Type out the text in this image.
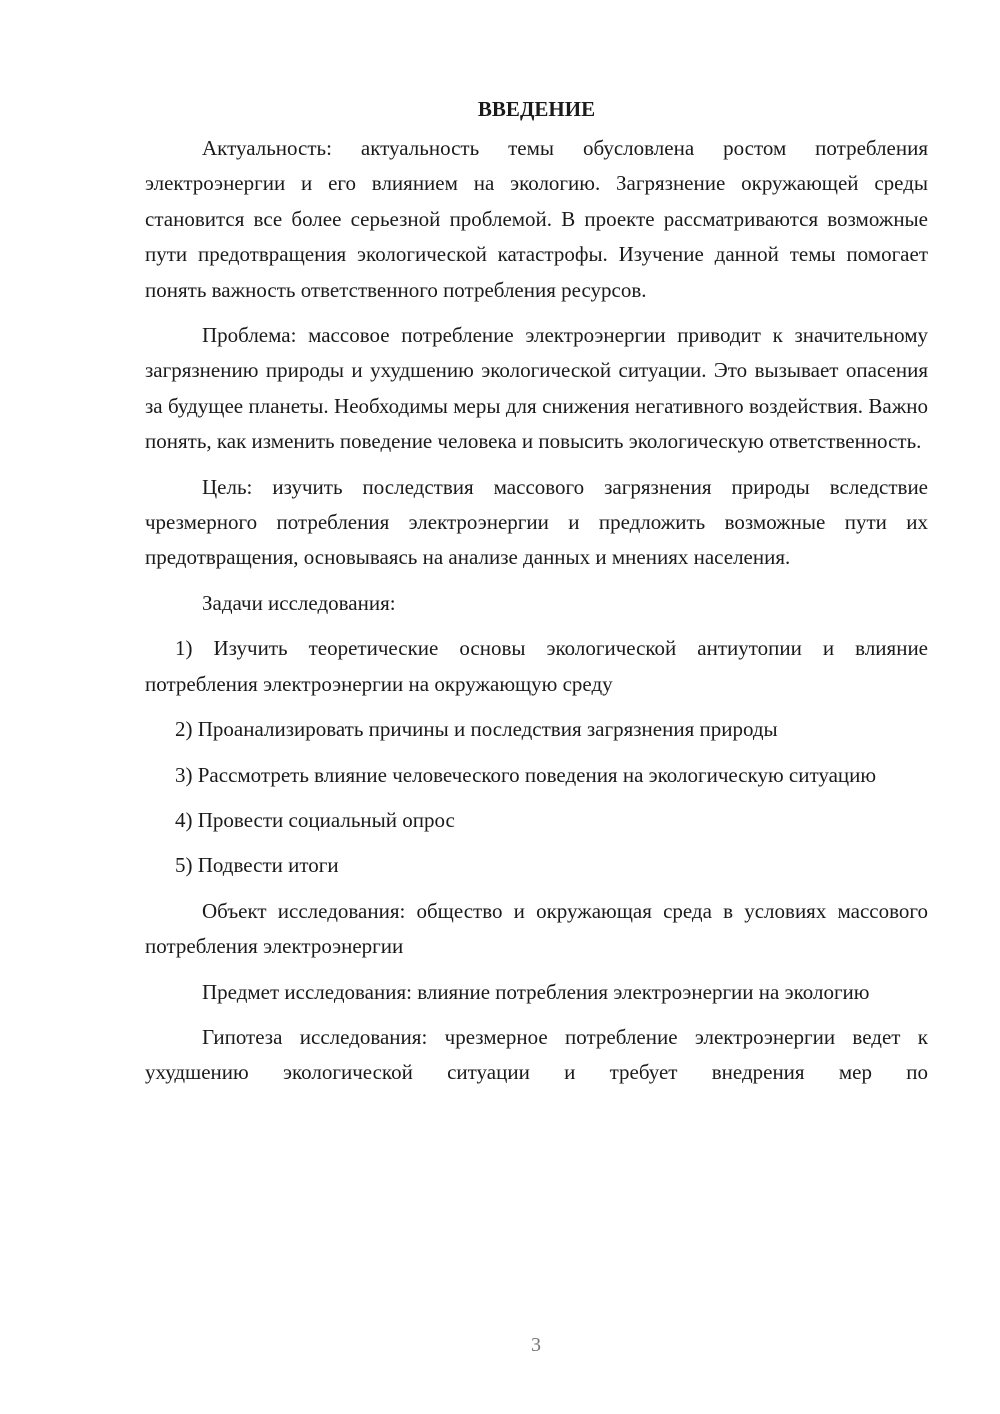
ВВЕДЕНИЕ

Актуальность: актуальность темы обусловлена ростом потребления электроэнергии и его влиянием на экологию. Загрязнение окружающей среды становится все более серьезной проблемой. В проекте рассматриваются возможные пути предотвращения экологической катастрофы. Изучение данной темы помогает понять важность ответственного потребления ресурсов.

Проблема: массовое потребление электроэнергии приводит к значительному загрязнению природы и ухудшению экологической ситуации. Это вызывает опасения за будущее планеты. Необходимы меры для снижения негативного воздействия. Важно понять, как изменить поведение человека и повысить экологическую ответственность.

Цель: изучить последствия массового загрязнения природы вследствие чрезмерного потребления электроэнергии и предложить возможные пути их предотвращения, основываясь на анализе данных и мнениях населения.

Задачи исследования:

1) Изучить теоретические основы экологической антиутопии и влияние потребления электроэнергии на окружающую среду

2) Проанализировать причины и последствия загрязнения природы

3) Рассмотреть влияние человеческого поведения на экологическую ситуацию

4) Провести социальный опрос

5) Подвести итоги

Объект исследования: общество и окружающая среда в условиях массового потребления электроэнергии

Предмет исследования: влияние потребления электроэнергии на экологию

Гипотеза исследования: чрезмерное потребление электроэнергии ведет к ухудшению экологической ситуации и требует внедрения мер по

3
